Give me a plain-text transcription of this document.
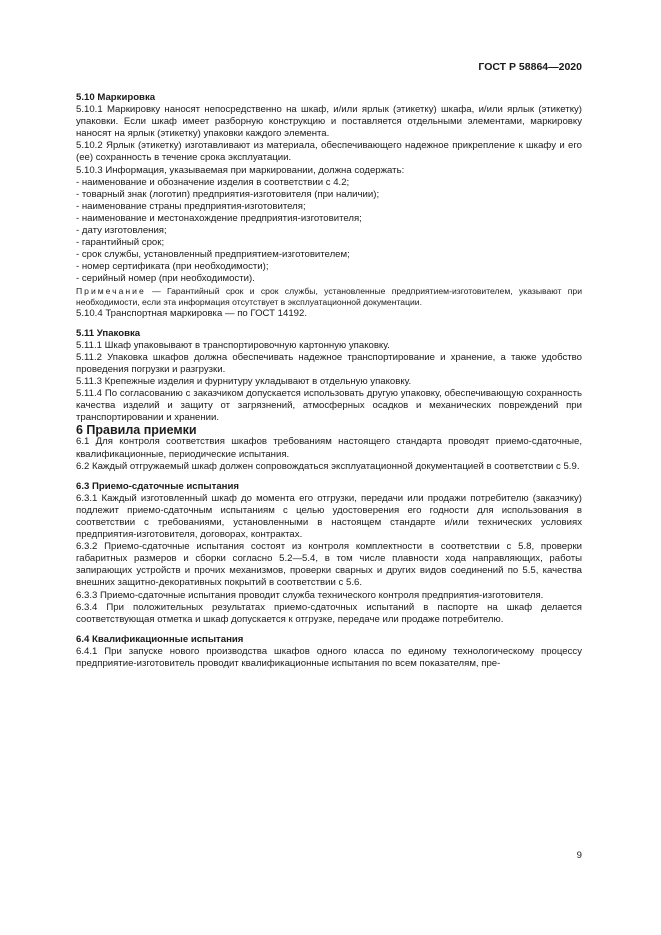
ГОСТ Р 58864—2020

5.10 Маркировка

5.10.1 Маркировку наносят непосредственно на шкаф, и/или ярлык (этикетку) шкафа, и/или ярлык (этикетку) упаковки. Если шкаф имеет разборную конструкцию и поставляется отдельными элементами, маркировку наносят на ярлык (этикетку) упаковки каждого элемента.

5.10.2 Ярлык (этикетку) изготавливают из материала, обеспечивающего надежное прикрепление к шкафу и его (ее) сохранность в течение срока эксплуатации.

5.10.3 Информация, указываемая при маркировании, должна содержать:

- наименование и обозначение изделия в соответствии с 4.2;

- товарный знак (логотип) предприятия-изготовителя (при наличии);

- наименование страны предприятия-изготовителя;

- наименование и местонахождение предприятия-изготовителя;

- дату изготовления;

- гарантийный срок;

- срок службы, установленный предприятием-изготовителем;

- номер сертификата (при необходимости);

- серийный номер (при необходимости).

Примечание — Гарантийный срок и срок службы, установленные предприятием-изготовителем, указывают при необходимости, если эта информация отсутствует в эксплуатационной документации.

5.10.4 Транспортная маркировка — по ГОСТ 14192.

5.11 Упаковка

5.11.1 Шкаф упаковывают в транспортировочную картонную упаковку.

5.11.2 Упаковка шкафов должна обеспечивать надежное транспортирование и хранение, а также удобство проведения погрузки и разгрузки.

5.11.3 Крепежные изделия и фурнитуру укладывают в отдельную упаковку.

5.11.4 По согласованию с заказчиком допускается использовать другую упаковку, обеспечивающую сохранность качества изделий и защиту от загрязнений, атмосферных осадков и механических повреждений при транспортировании и хранении.

6 Правила приемки

6.1 Для контроля соответствия шкафов требованиям настоящего стандарта проводят приемо-сдаточные, квалификационные, периодические испытания.

6.2 Каждый отгружаемый шкаф должен сопровождаться эксплуатационной документацией в соответствии с 5.9.

6.3 Приемо-сдаточные испытания

6.3.1 Каждый изготовленный шкаф до момента его отгрузки, передачи или продажи потребителю (заказчику) подлежит приемо-сдаточным испытаниям с целью удостоверения его годности для использования в соответствии с требованиями, установленными в настоящем стандарте и/или технических условиях предприятия-изготовителя, договорах, контрактах.

6.3.2 Приемо-сдаточные испытания состоят из контроля комплектности в соответствии с 5.8, проверки габаритных размеров и сборки согласно 5.2—5.4, в том числе плавности хода направляющих, работы запирающих устройств и прочих механизмов, проверки сварных и других видов соединений по 5.5, качества внешних защитно-декоративных покрытий в соответствии с 5.6.

6.3.3 Приемо-сдаточные испытания проводит служба технического контроля предприятия-изготовителя.

6.3.4 При положительных результатах приемо-сдаточных испытаний в паспорте на шкаф делается соответствующая отметка и шкаф допускается к отгрузке, передаче или продаже потребителю.

6.4 Квалификационные испытания

6.4.1 При запуске нового производства шкафов одного класса по единому технологическому процессу предприятие-изготовитель проводит квалификационные испытания по всем показателям, пре-

9
